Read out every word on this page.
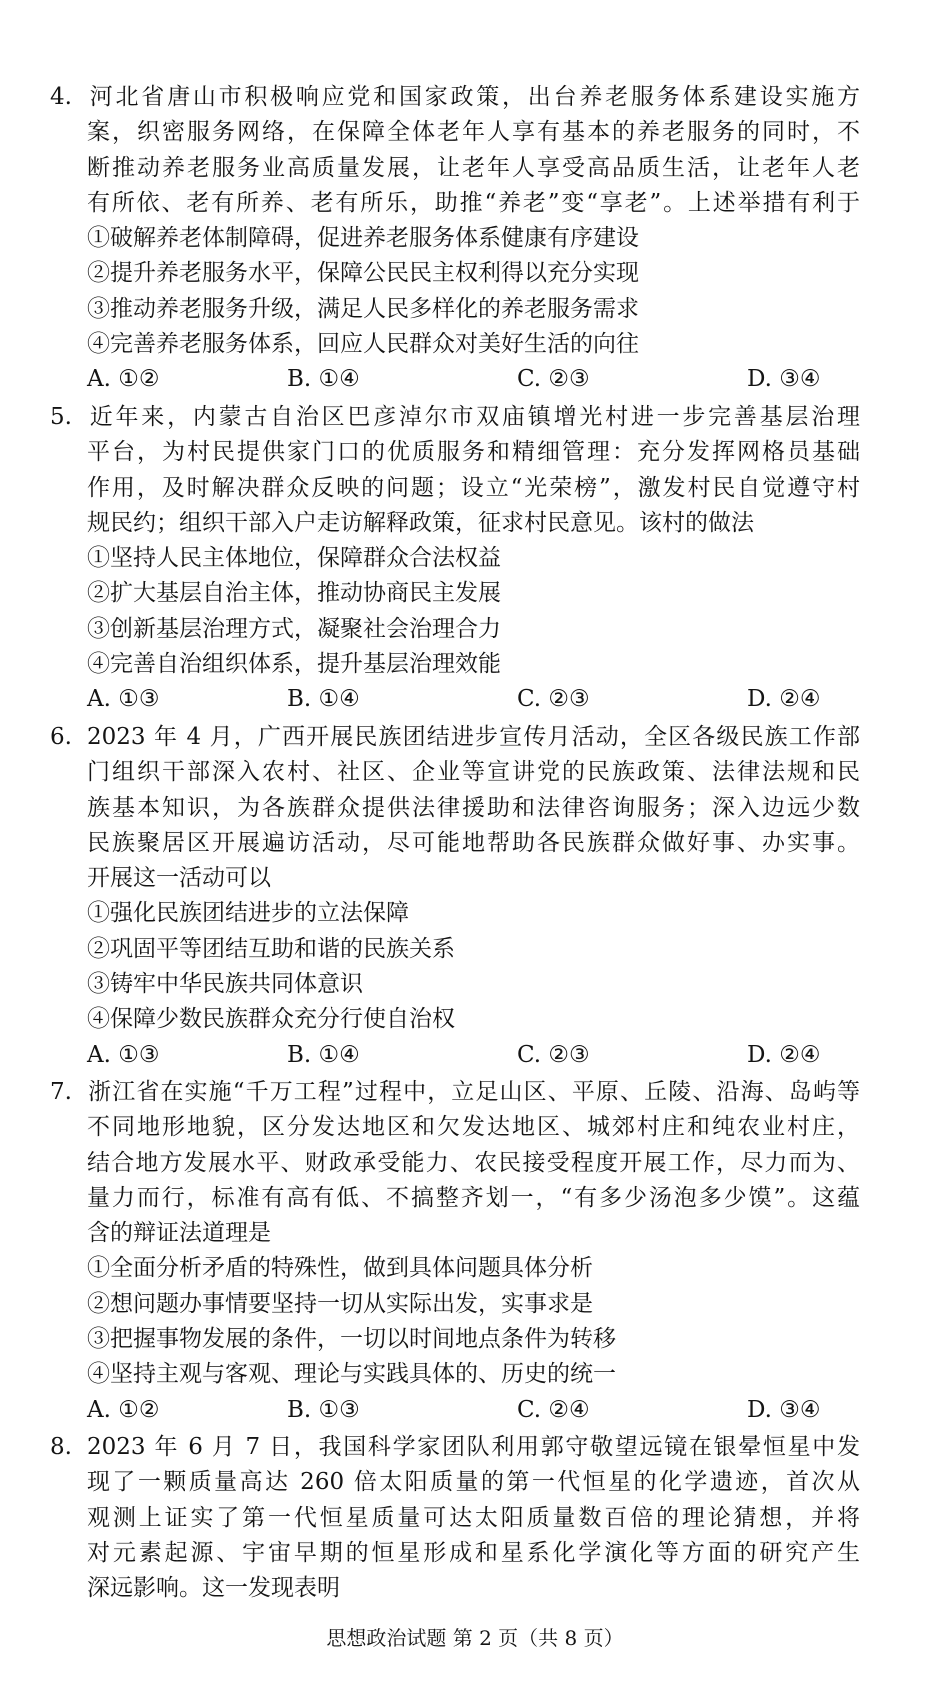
4. 河北省唐山市积极响应党和国家政策，出台养老服务体系建设实施方
案，织密服务网络，在保障全体老年人享有基本的养老服务的同时，不
断推动养老服务业高质量发展，让老年人享受高品质生活，让老年人老
有所依、老有所养、老有所乐，助推“养老”变“享老”。上述举措有利于
①破解养老体制障碍，促进养老服务体系健康有序建设
②提升养老服务水平，保障公民民主权利得以充分实现
③推动养老服务升级，满足人民多样化的养老服务需求
④完善养老服务体系，回应人民群众对美好生活的向往
A. ①②	B. ①④	C. ②③	D. ③④
5. 近年来，内蒙古自治区巴彦淖尔市双庙镇增光村进一步完善基层治理
平台，为村民提供家门口的优质服务和精细管理：充分发挥网格员基础
作用，及时解决群众反映的问题；设立“光荣榜”，激发村民自觉遵守村
规民约；组织干部入户走访解释政策，征求村民意见。该村的做法
①坚持人民主体地位，保障群众合法权益
②扩大基层自治主体，推动协商民主发展
③创新基层治理方式，凝聚社会治理合力
④完善自治组织体系，提升基层治理效能
A. ①③	B. ①④	C. ②③	D. ②④
6. 2023 年 4 月，广西开展民族团结进步宣传月活动，全区各级民族工作部
门组织干部深入农村、社区、企业等宣讲党的民族政策、法律法规和民
族基本知识，为各族群众提供法律援助和法律咨询服务；深入边远少数
民族聚居区开展遍访活动，尽可能地帮助各民族群众做好事、办实事。
开展这一活动可以
①强化民族团结进步的立法保障
②巩固平等团结互助和谐的民族关系
③铸牢中华民族共同体意识
④保障少数民族群众充分行使自治权
A. ①③	B. ①④	C. ②③	D. ②④
7. 浙江省在实施“千万工程”过程中，立足山区、平原、丘陵、沿海、岛屿等
不同地形地貌，区分发达地区和欠发达地区、城郊村庄和纯农业村庄，
结合地方发展水平、财政承受能力、农民接受程度开展工作，尽力而为、
量力而行，标准有高有低、不搞整齐划一，“有多少汤泡多少馍”。这蕴
含的辩证法道理是
①全面分析矛盾的特殊性，做到具体问题具体分析
②想问题办事情要坚持一切从实际出发，实事求是
③把握事物发展的条件，一切以时间地点条件为转移
④坚持主观与客观、理论与实践具体的、历史的统一
A. ①②	B. ①③	C. ②④	D. ③④
8. 2023 年 6 月 7 日，我国科学家团队利用郭守敬望远镜在银晕恒星中发
现了一颗质量高达 260 倍太阳质量的第一代恒星的化学遗迹，首次从
观测上证实了第一代恒星质量可达太阳质量数百倍的理论猜想，并将
对元素起源、宇宙早期的恒星形成和星系化学演化等方面的研究产生
深远影响。这一发现表明
思想政治试题 第 2 页（共 8 页）
